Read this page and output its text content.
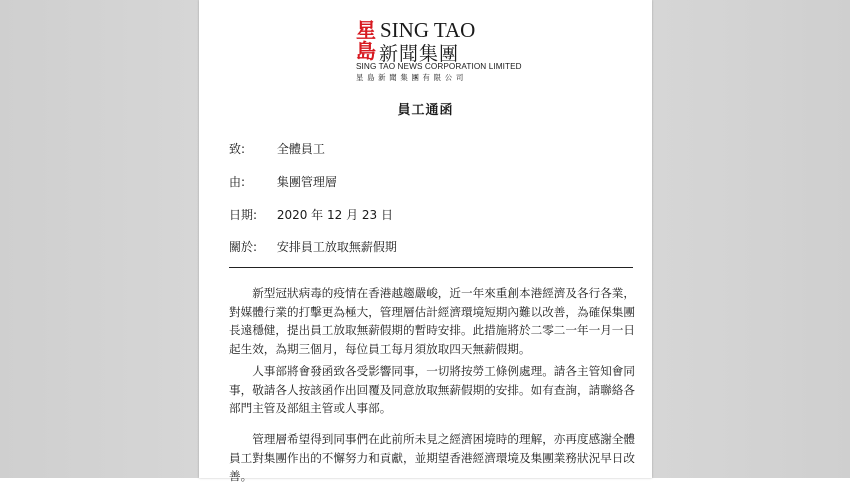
星
島
SING TAO
新聞集團
SING TAO NEWS CORPORATION LIMITED
星島新聞集團有限公司
員工通函
致:	全體員工
由:	集團管理層
日期: 2020 年 12 月 23 日
關於: 安排員工放取無薪假期

新型冠狀病毒的疫情在香港越趨嚴峻，近一年來重創本港經濟及各行各業，對媒體行業的打擊更為極大，管理層估計經濟環境短期內難以改善，為確保集團長遠穩健，提出員工放取無薪假期的暫時安排。此措施將於二零二一年一月一日起生效，為期三個月，每位員工每月須放取四天無薪假期。

人事部將會發函致各受影響同事，一切將按勞工條例處理。請各主管知會同事，敬請各人按該函作出回覆及同意放取無薪假期的安排。如有查詢，請聯絡各部門主管及部組主管或人事部。

管理層希望得到同事們在此前所未見之經濟困境時的理解，亦再度感謝全體員工對集團作出的不懈努力和貢獻，並期望香港經濟環境及集團業務狀況早日改善。
